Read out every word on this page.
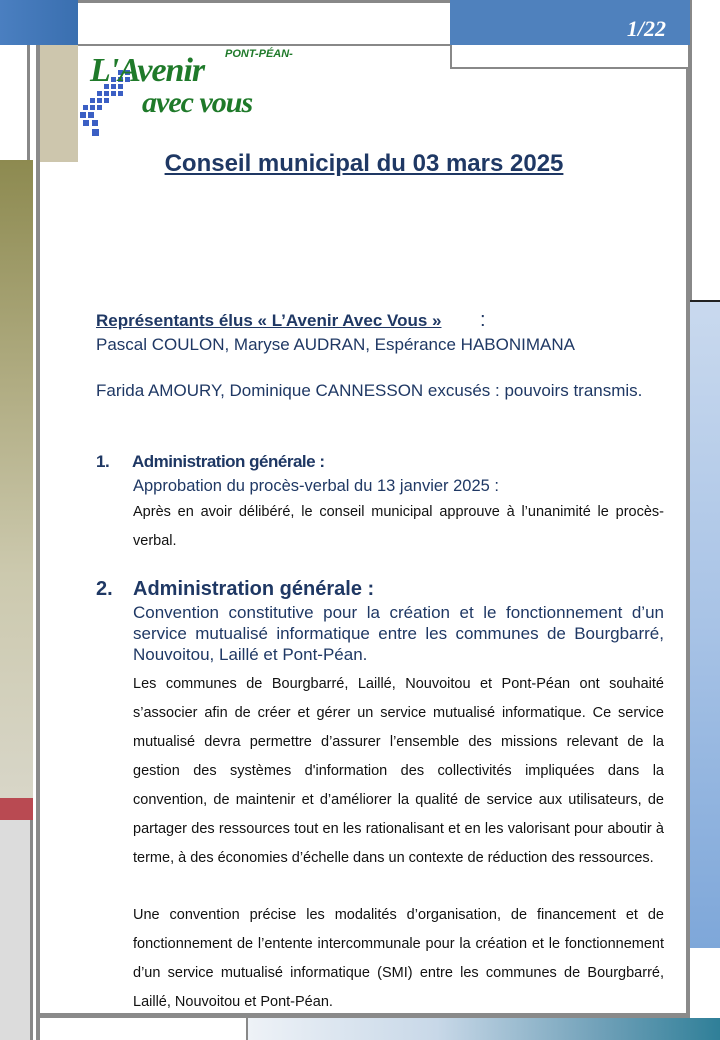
1/22
PONT-PÉAN-
L'Avenir
avec vous
Conseil municipal du 03 mars 2025
Représentants élus « L’Avenir Avec Vous »	:
Pascal COULON, Maryse AUDRAN, Espérance HABONIMANA
Farida AMOURY, Dominique CANNESSON excusés : pouvoirs transmis.
1. Administration générale :
Approbation du procès-verbal du 13 janvier 2025 :

Après en avoir délibéré, le conseil municipal approuve à l’unanimité le procès-verbal.

2. Administration générale :
Convention constitutive pour la création et le fonctionnement d’un service mutualisé informatique entre les communes de Bourgbarré, Nouvoitou, Laillé et Pont-Péan.

Les communes de Bourgbarré, Laillé, Nouvoitou et Pont-Péan ont souhaité s’associer afin de créer et gérer un service mutualisé informatique. Ce service mutualisé devra permettre d’assurer l’ensemble des missions relevant de la gestion des systèmes d'information des collectivités impliquées dans la convention, de maintenir et d’améliorer la qualité de service aux utilisateurs, de partager des ressources tout en les rationalisant et en les valorisant pour aboutir à terme, à des économies d’échelle dans un contexte de réduction des ressources.

Une convention précise les modalités d’organisation, de financement et de fonctionnement de l’entente intercommunale pour la création et le fonctionnement d’un service mutualisé informatique (SMI) entre les communes de Bourgbarré, Laillé, Nouvoitou et Pont-Péan.
